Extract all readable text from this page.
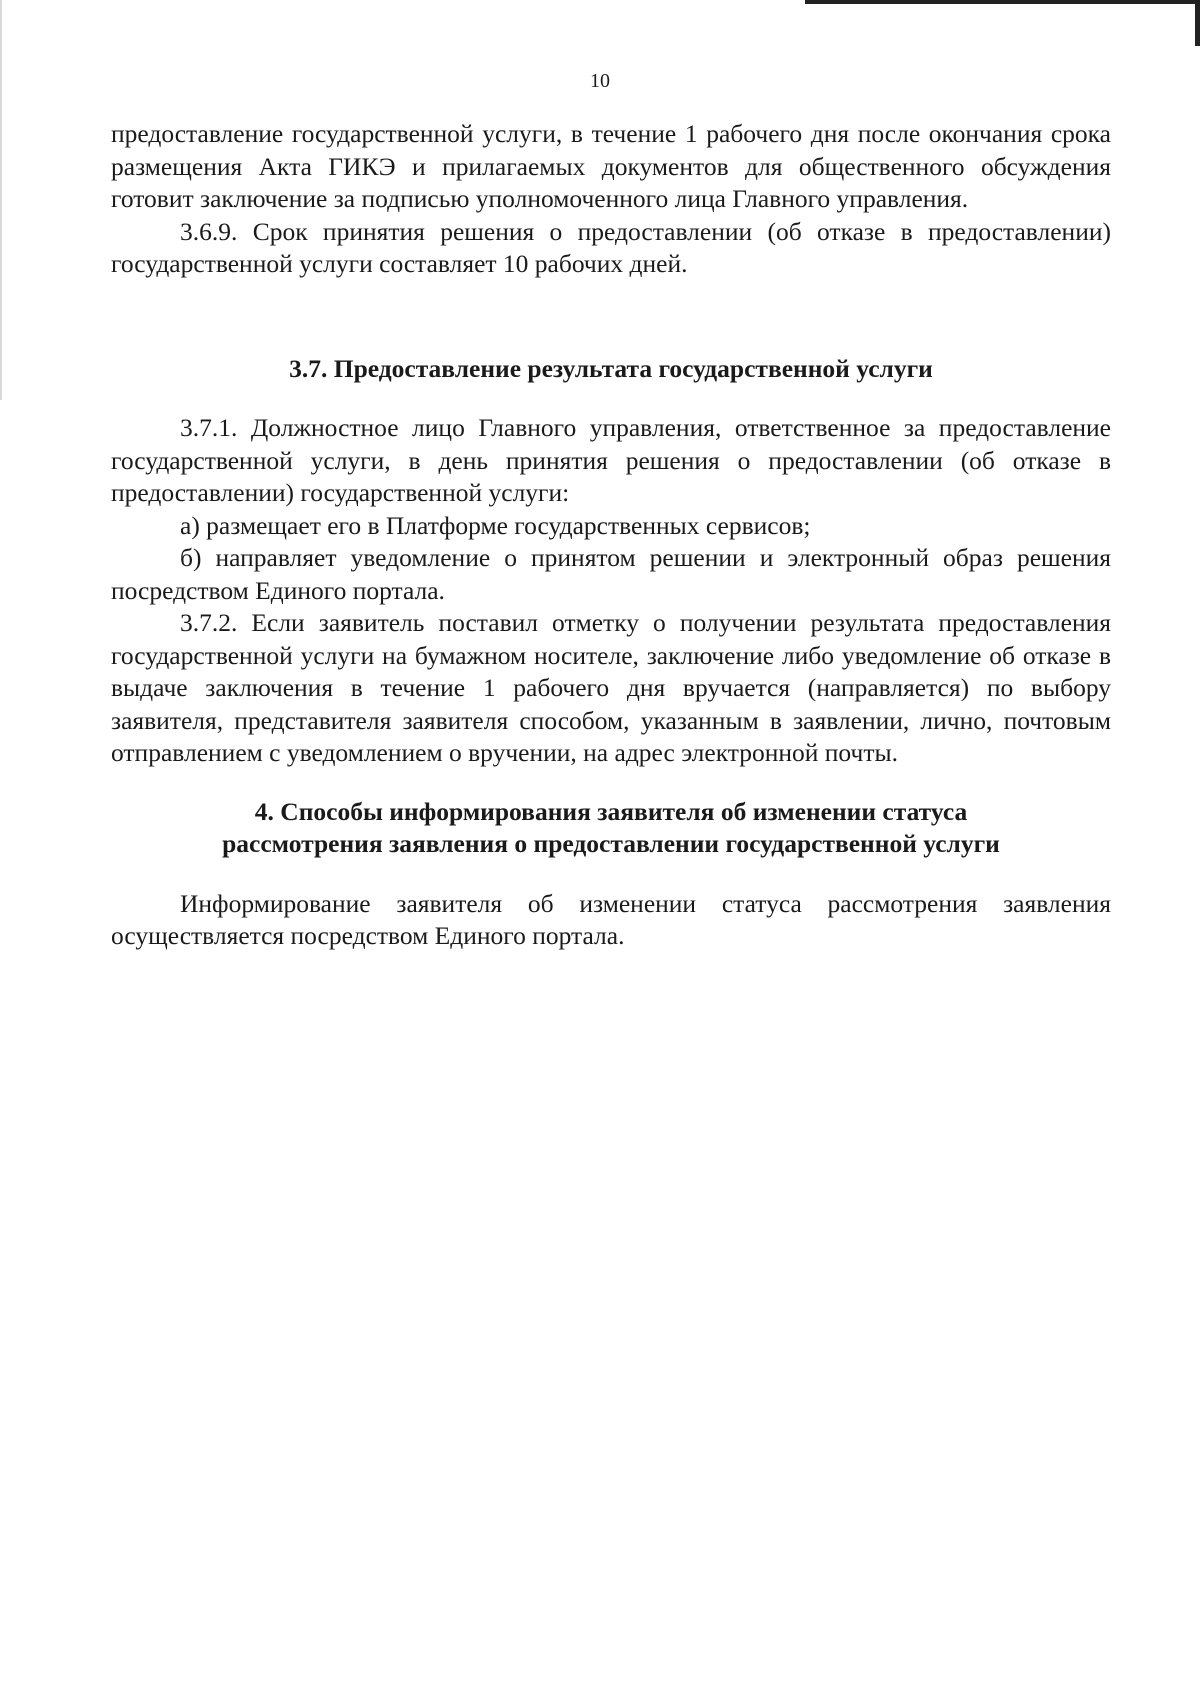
10

предоставление государственной услуги, в течение 1 рабочего дня после окончания срока размещения Акта ГИКЭ и прилагаемых документов для общественного обсуждения готовит заключение за подписью уполномоченного лица Главного управления.

3.6.9. Срок принятия решения о предоставлении (об отказе в предоставлении) государственной услуги составляет 10 рабочих дней.

3.7. Предоставление результата государственной услуги

3.7.1. Должностное лицо Главного управления, ответственное за предоставление государственной услуги, в день принятия решения о предоставлении (об отказе в предоставлении) государственной услуги:

а) размещает его в Платформе государственных сервисов;

б) направляет уведомление о принятом решении и электронный образ решения посредством Единого портала.

3.7.2. Если заявитель поставил отметку о получении результата предоставления государственной услуги на бумажном носителе, заключение либо уведомление об отказе в выдаче заключения в течение 1 рабочего дня вручается (направляется) по выбору заявителя, представителя заявителя способом, указанным в заявлении, лично, почтовым отправлением с уведомлением о вручении, на адрес электронной почты.

4. Способы информирования заявителя об изменении статуса
рассмотрения заявления о предоставлении государственной услуги

Информирование заявителя об изменении статуса рассмотрения заявления осуществляется посредством Единого портала.
